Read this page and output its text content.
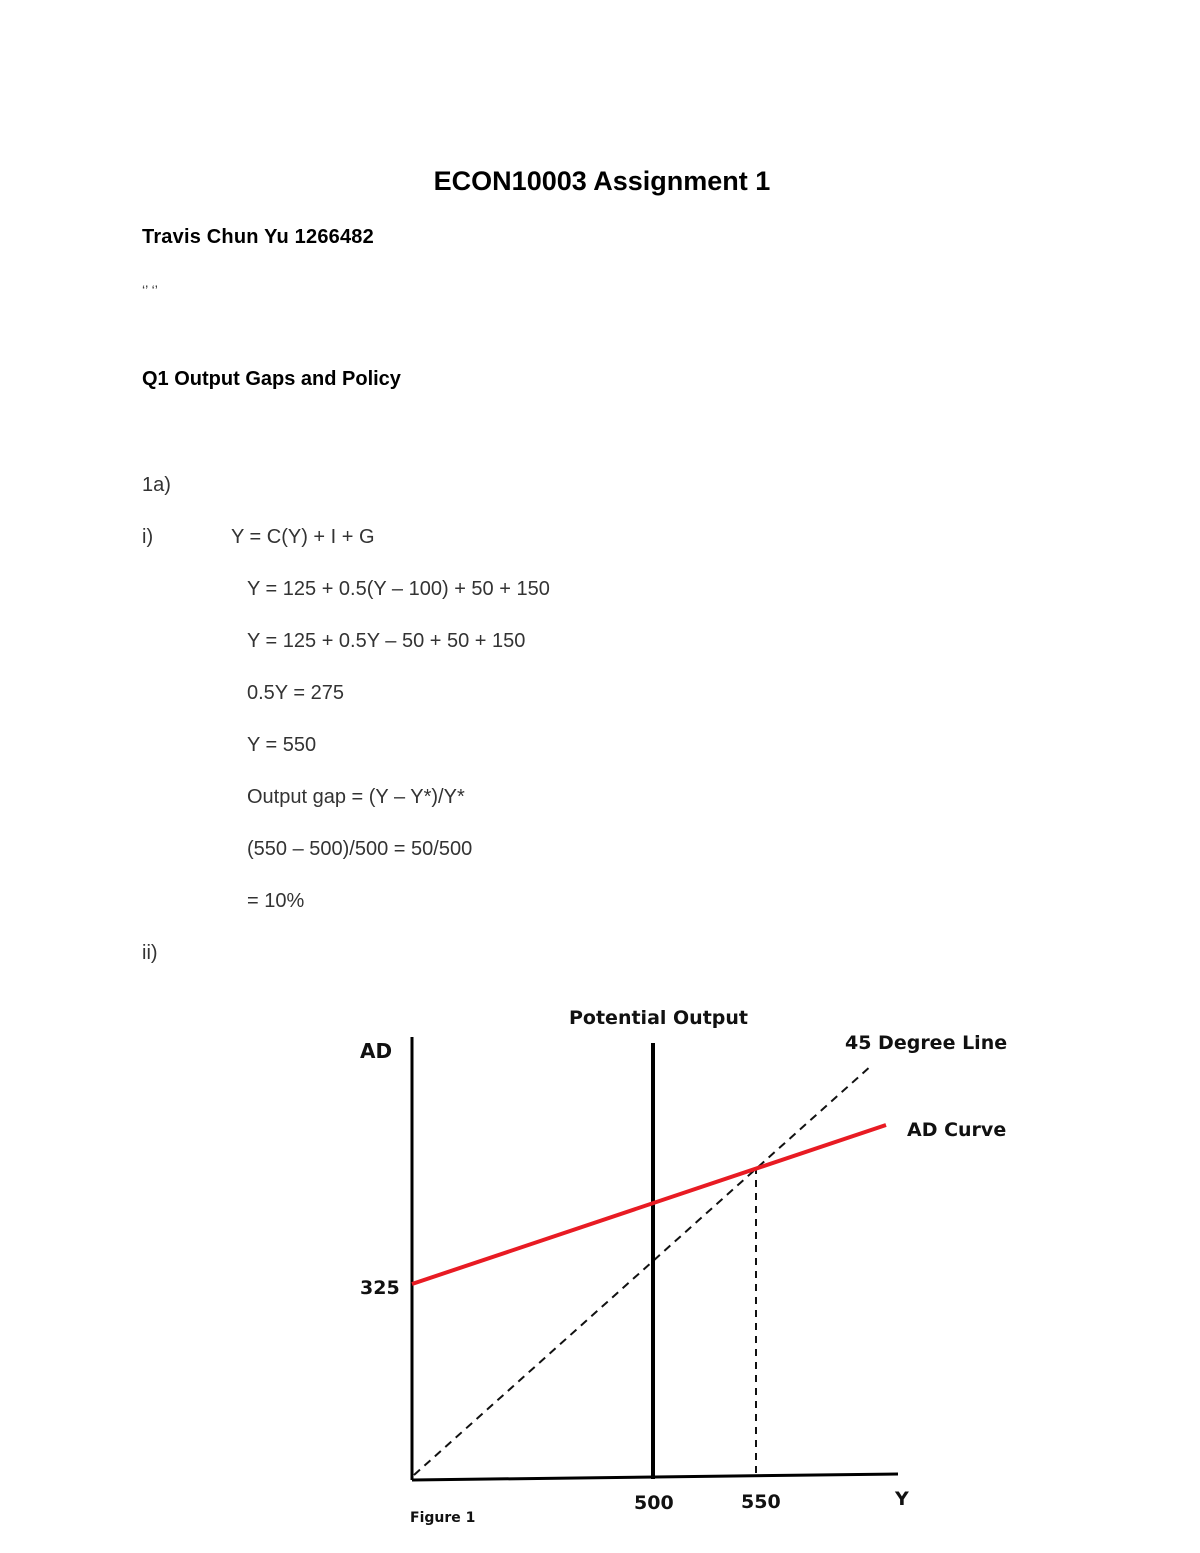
ECON10003 Assignment 1
Travis Chun Yu 1266482
‘’ ‘’
Q1 Output Gaps and Policy
1a)
i)	Y = C(Y) + I + G
Y = 125 + 0.5(Y – 100) + 50 + 150
Y = 125 + 0.5Y – 50 + 50 + 150
0.5Y = 275
Y = 550
Output gap = (Y – Y*)/Y*
(550 – 500)/500 = 50/500
= 10%
ii)
Potential Output
45 Degree Line
AD Curve
AD
325
500	550	Y
Figure 1
